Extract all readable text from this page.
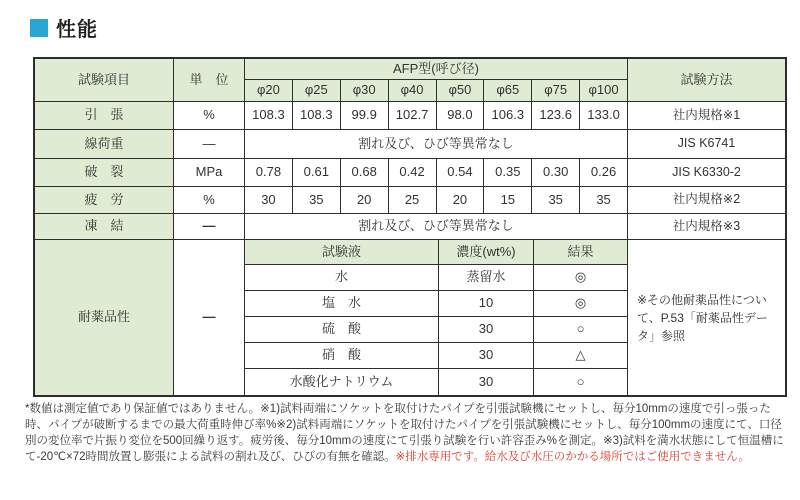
性能
試験項目	単　位
AFP型(呼び径)
試験方法
φ20	φ25	φ30	φ40	φ50	φ65	φ75	φ100
引　張	%	108.3	108.3	99.9	102.7	98.0	106.3	123.6	133.0	社内規格※1
線荷重	—	割れ及び、ひび等異常なし	JIS K6741
破　裂	MPa	0.78	0.61	0.68	0.42	0.54	0.35	0.30	0.26	JIS K6330-2
疲　労	%	30	35	20	25	20	15	35	35	社内規格※2
凍　結	—	割れ及び、ひび等異常なし	社内規格※3
耐薬品性	—
試験液	濃度(wt%)	結果
水	蒸留水	◎
塩　水	10	◎
硫　酸	30	○
硝　酸	30	△
水酸化ナトリウム	30	○
※その他耐薬品性について、P.53「耐薬品性データ」参照

*数値は測定値であり保証値ではありません。※1)試料両端にソケットを取付けたパイプを引張試験機にセットし、毎分10mmの速度で引っ張った時、パイプが破断するまでの最大荷重時伸び率%※2)試料両端にソケットを取付けたパイプを引張試験機にセットし、毎分100mmの速度にて、口径別の変位率で片振り変位を500回繰り返す。疲労後、毎分10mmの速度にて引張り試験を行い許容歪み%を測定。※3)試料を満水状態にして恒温槽にて-20℃×72時間放置し膨張による試料の割れ及び、ひびの有無を確認。※排水専用です。給水及び水圧のかかる場所ではご使用できません。
